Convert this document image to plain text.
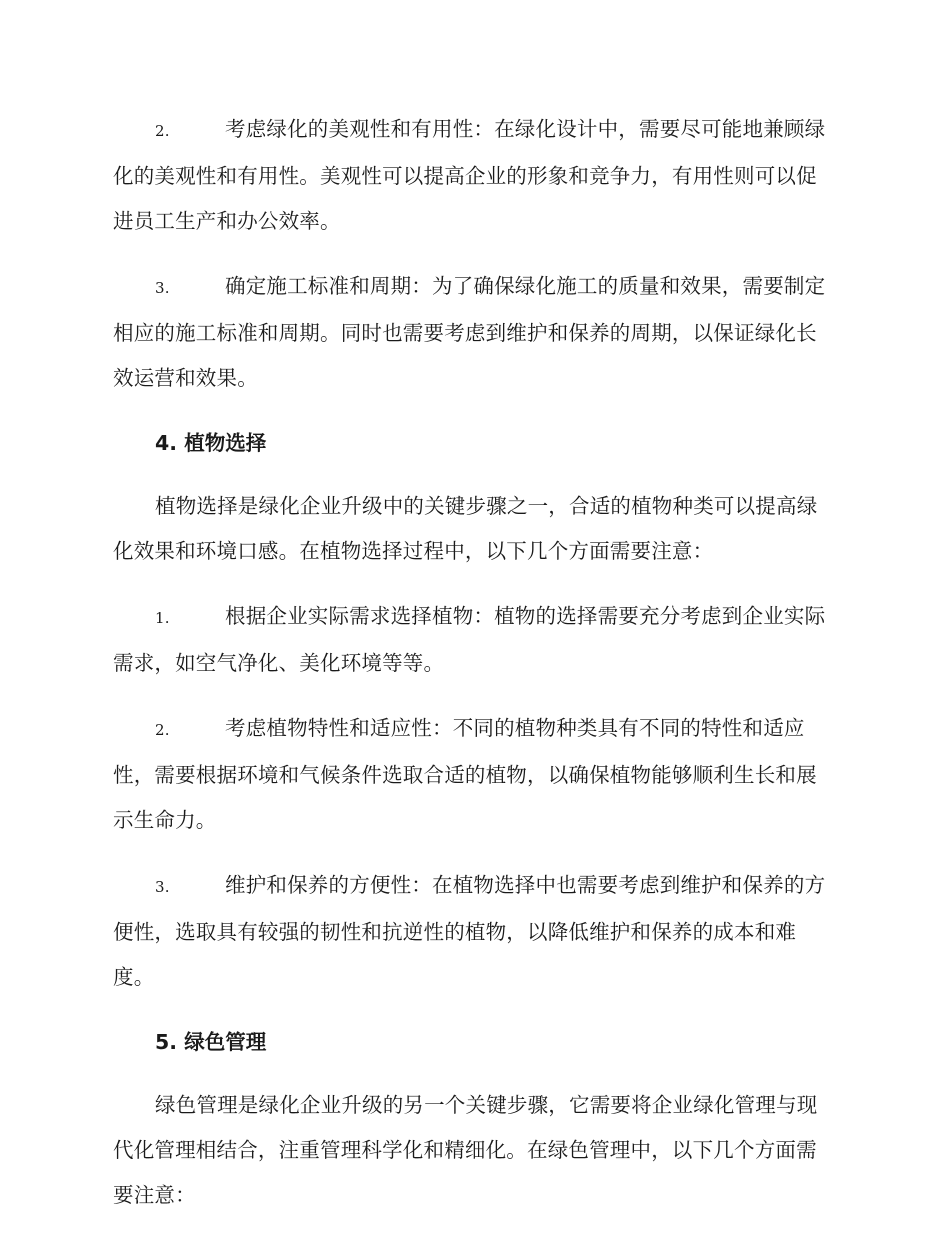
2.	考虑绿化的美观性和有用性：在绿化设计中，需要尽可能地兼顾绿化的美观性和有用性。美观性可以提高企业的形象和竞争力，有用性则可以促进员工生产和办公效率。

3.	确定施工标准和周期：为了确保绿化施工的质量和效果，需要制定相应的施工标准和周期。同时也需要考虑到维护和保养的周期，以保证绿化长效运营和效果。

4. 植物选择

植物选择是绿化企业升级中的关键步骤之一，合适的植物种类可以提高绿化效果和环境口感。在植物选择过程中，以下几个方面需要注意：

1.	根据企业实际需求选择植物：植物的选择需要充分考虑到企业实际需求，如空气净化、美化环境等等。

2.	考虑植物特性和适应性：不同的植物种类具有不同的特性和适应性，需要根据环境和气候条件选取合适的植物，以确保植物能够顺利生长和展示生命力。

3.	维护和保养的方便性：在植物选择中也需要考虑到维护和保养的方便性，选取具有较强的韧性和抗逆性的植物，以降低维护和保养的成本和难度。

5. 绿色管理

绿色管理是绿化企业升级的另一个关键步骤，它需要将企业绿化管理与现代化管理相结合，注重管理科学化和精细化。在绿色管理中，以下几个方面需要注意：
